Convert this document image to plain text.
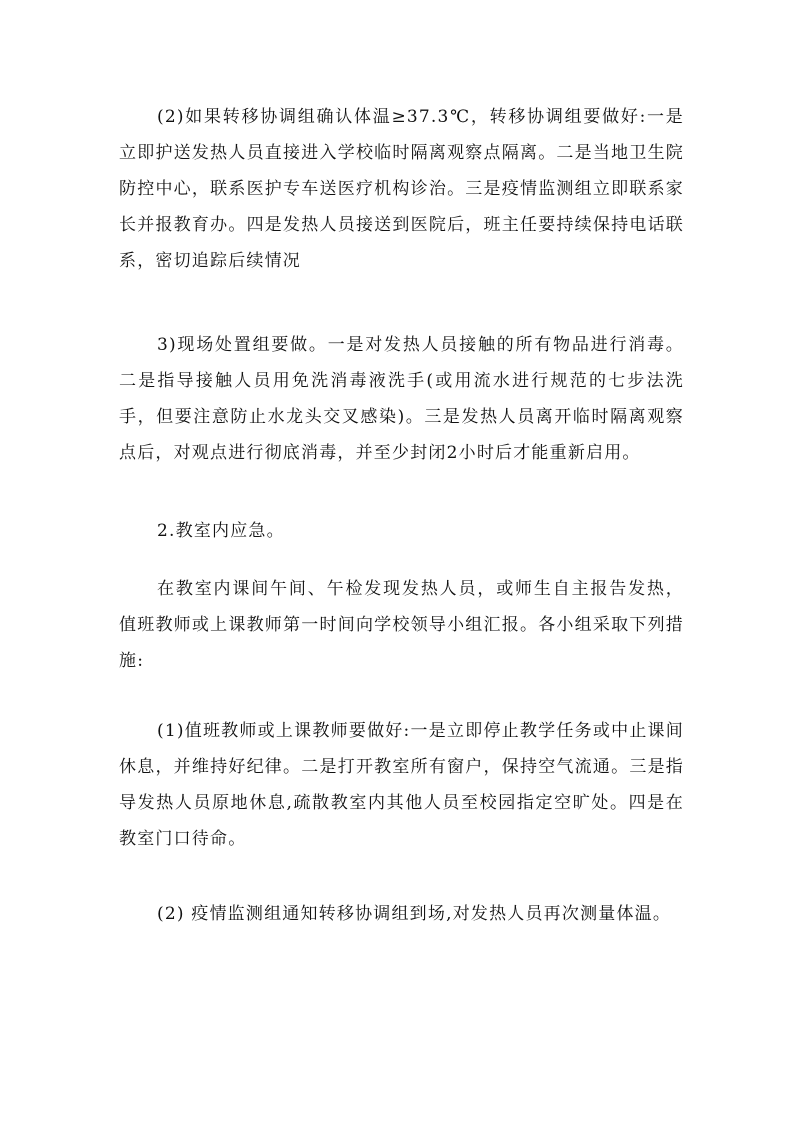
(2)如果转移协调组确认体温≥37.3℃，转移协调组要做好:一是立即护送发热人员直接进入学校临时隔离观察点隔离。二是当地卫生院防控中心，联系医护专车送医疗机构诊治。三是疫情监测组立即联系家长并报教育办。四是发热人员接送到医院后，班主任要持续保持电话联系，密切追踪后续情况

3)现场处置组要做。一是对发热人员接触的所有物品进行消毒。二是指导接触人员用免洗消毒液洗手(或用流水进行规范的七步法洗手，但要注意防止水龙头交叉感染)。三是发热人员离开临时隔离观察点后，对观点进行彻底消毒，并至少封闭2小时后才能重新启用。

2.教室内应急。

在教室内课间午间、午检发现发热人员，或师生自主报告发热，值班教师或上课教师第一时间向学校领导小组汇报。各小组采取下列措施:

(1)值班教师或上课教师要做好:一是立即停止教学任务或中止课间休息，并维持好纪律。二是打开教室所有窗户，保持空气流通。三是指导发热人员原地休息,疏散教室内其他人员至校园指定空旷处。四是在教室门口待命。

(2) 疫情监测组通知转移协调组到场,对发热人员再次测量体温。
